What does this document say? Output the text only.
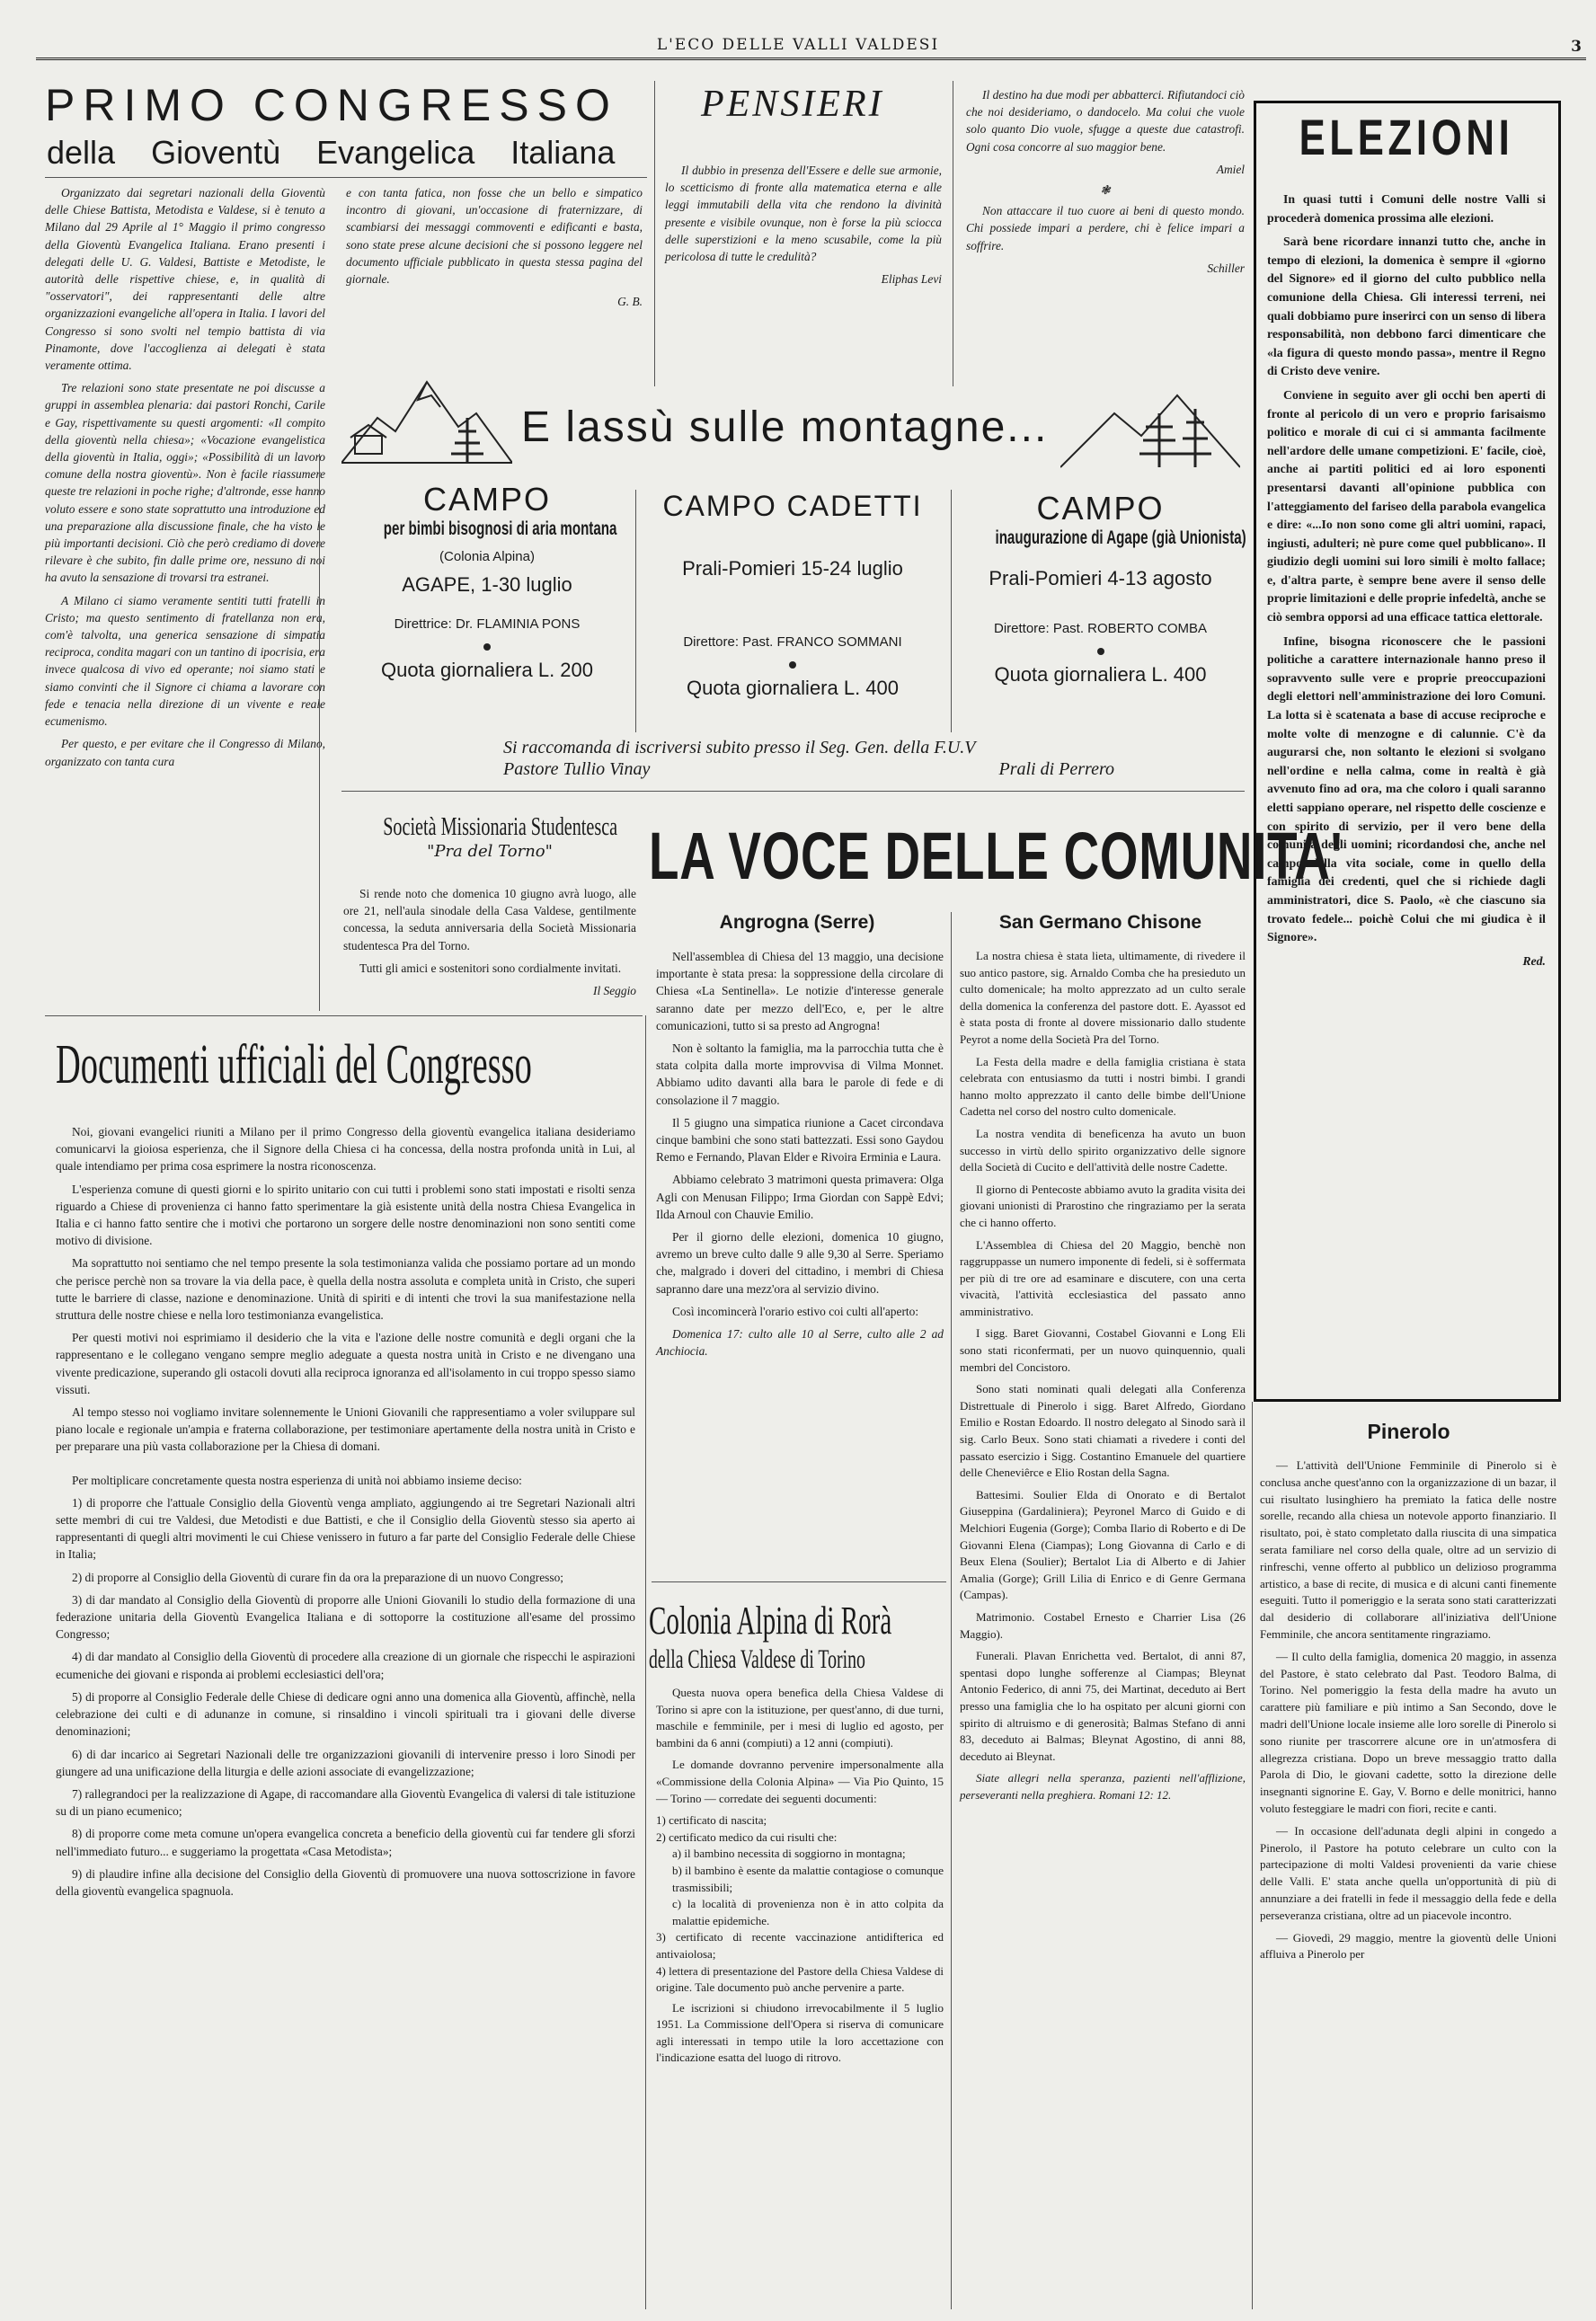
L'ECO DELLE VALLI VALDESI	3
PRIMO CONGRESSO
della Gioventù Evangelica Italiana

Organizzato dai segretari nazionali della Gioventù delle Chiese Battista, Metodista e Valdese, si è tenuto a Milano dal 29 Aprile al 1° Maggio il primo congresso della Gioventù Evangelica Italiana. Erano presenti i delegati delle U. G. Valdesi, Battiste e Metodiste, le autorità delle rispettive chiese, e, in qualità di "osservatori", dei rappresentanti delle altre organizzazioni evangeliche all'opera in Italia. I lavori del Congresso si sono svolti nel tempio battista di via Pinamonte, dove l'accoglienza ai delegati è stata veramente ottima.

Tre relazioni sono state presentate ne poi discusse a gruppi in assemblea plenaria: dai pastori Ronchi, Carile e Gay, rispettivamente su questi argomenti: «Il compito della gioventù nella chiesa»; «Vocazione evangelistica della gioventù in Italia, oggi»; «Possibilità di un lavoro comune della nostra gioventù». Non è facile riassumere queste tre relazioni in poche righe; d'altronde, esse hanno voluto essere e sono state soprattutto una introduzione ed una preparazione alla discussione finale, che ha visto le più importanti decisioni. Ciò che però crediamo di dovere rilevare è che subito, fin dalle prime ore, nessuno di noi ha avuto la sensazione di trovarsi tra estranei.

A Milano ci siamo veramente sentiti tutti fratelli in Cristo; ma questo sentimento di fratellanza non era, com'è talvolta, una generica sensazione di simpatia reciproca, condita magari con un tantino di ipocrisia, era invece qualcosa di vivo ed operante; noi siamo stati e siamo convinti che il Signore ci chiama a lavorare con fede e tenacia nella direzione di un vivente e reale ecumenismo.

Per questo, e per evitare che il Congresso di Milano, organizzato con tanta cura

e con tanta fatica, non fosse che un bello e simpatico incontro di giovani, un'occasione di fraternizzare, di scambiarsi dei messaggi commoventi e edificanti e basta, sono state prese alcune decisioni che si possono leggere nel documento ufficiale pubblicato in questa stessa pagina del giornale.

G. B.
PENSIERI

Il dubbio in presenza dell'Essere e delle sue armonie, lo scetticismo di fronte alla matematica eterna e alle leggi immutabili della vita che rendono la divinità presente e visibile ovunque, non è forse la più sciocca delle superstizioni e la meno scusabile, come la più pericolosa di tutte le credulità?

Eliphas Levi

Il destino ha due modi per abbatterci. Rifiutandoci ciò che noi desideriamo, o dandocelo. Ma colui che vuole solo quanto Dio vuole, sfugge a queste due catastrofi. Ogni cosa concorre al suo maggior bene.

Amiel
❃

Non attaccare il tuo cuore ai beni di questo mondo. Chi possiede impari a perdere, chi è felice impari a soffrire.

Schiller
ELEZIONI

In quasi tutti i Comuni delle nostre Valli si procederà domenica prossima alle elezioni.

Sarà bene ricordare innanzi tutto che, anche in tempo di elezioni, la domenica è sempre il «giorno del Signore» ed il giorno del culto pubblico nella comunione della Chiesa. Gli interessi terreni, nei quali dobbiamo pure inserirci con un senso di libera responsabilità, non debbono farci dimenticare che «la figura di questo mondo passa», mentre il Regno di Cristo deve venire.

Conviene in seguito aver gli occhi ben aperti di fronte al pericolo di un vero e proprio farisaismo politico e morale di cui ci si ammanta facilmente nell'ardore delle umane competizioni. E' facile, cioè, anche ai partiti politici ed ai loro esponenti presentarsi davanti all'opinione pubblica con l'atteggiamento del fariseo della parabola evangelica e dire: «...Io non sono come gli altri uomini, rapaci, ingiusti, adulteri; nè pure come quel pubblicano». Il giudizio degli uomini sui loro simili è molto fallace; e, d'altra parte, è sempre bene avere il senso delle proprie limitazioni e delle proprie infedeltà, anche se ciò sembra opporsi ad una efficace tattica elettorale.

Infine, bisogna riconoscere che le passioni politiche a carattere internazionale hanno preso il sopravvento sulle vere e proprie preoccupazioni degli elettori nell'amministrazione dei loro Comuni. La lotta si è scatenata a base di accuse reciproche e molte volte di menzogne e di calunnie. C'è da augurarsi che, non soltanto le elezioni si svolgano nell'ordine e nella calma, come in realtà è già avvenuto fino ad ora, ma che coloro i quali saranno eletti sappiano operare, nel rispetto delle coscienze e con spirito di servizio, per il vero bene della comunità degli uomini; ricordandosi che, anche nel campo della vita sociale, come in quello della famiglia dei credenti, quel che si richiede dagli amministratori, dice S. Paolo, «è che ciascuno sia trovato fedele... poichè Colui che mi giudica è il Signore».

Red.
E lassù sulle montagne...
CAMPO
per bimbi bisognosi di aria montana
(Colonia Alpina)
AGAPE, 1-30 luglio
Direttrice: Dr. FLAMINIA PONS
Quota giornaliera L. 200
CAMPO CADETTI
Prali-Pomieri 15-24 luglio
Direttore: Past. FRANCO SOMMANI
Quota giornaliera L. 400
CAMPO
inaugurazione di Agape (già Unionista)
Prali-Pomieri 4-13 agosto
Direttore: Past. ROBERTO COMBA
Quota giornaliera L. 400
Si raccomanda di iscriversi subito presso il Seg. Gen. della F.U.V
Pastore Tullio Vinay	Prali di Perrero
Società Missionaria Studentesca
"Pra del Torno"

Si rende noto che domenica 10 giugno avrà luogo, alle ore 21, nell'aula sinodale della Casa Valdese, gentilmente concessa, la seduta anniversaria della Società Missionaria studentesca Pra del Torno.

Tutti gli amici e sostenitori sono cordialmente invitati.

Il Seggio
Documenti ufficiali del Congresso

Noi, giovani evangelici riuniti a Milano per il primo Congresso della gioventù evangelica italiana desideriamo comunicarvi la gioiosa esperienza, che il Signore della Chiesa ci ha concessa, della nostra profonda unità in Lui, al quale intendiamo per prima cosa esprimere la nostra riconoscenza.

L'esperienza comune di questi giorni e lo spirito unitario con cui tutti i problemi sono stati impostati e risolti senza riguardo a Chiese di provenienza ci hanno fatto sperimentare la già esistente unità della nostra Chiesa Evangelica in Italia e ci hanno fatto sentire che i motivi che portarono un sorgere delle nostre denominazioni non sono sentiti come motivo di divisione.

Ma soprattutto noi sentiamo che nel tempo presente la sola testimonianza valida che possiamo portare ad un mondo che perisce perchè non sa trovare la via della pace, è quella della nostra assoluta e completa unità in Cristo, che superi tutte le barriere di classe, nazione e denominazione. Unità di spiriti e di intenti che trovi la sua manifestazione nella struttura delle nostre chiese e nella loro testimonianza evangelistica.

Per questi motivi noi esprimiamo il desiderio che la vita e l'azione delle nostre comunità e degli organi che la rappresentano e le collegano vengano sempre meglio adeguate a questa nostra unità in Cristo e ne divengano una vivente predicazione, superando gli ostacoli dovuti alla reciproca ignoranza ed all'isolamento in cui troppo spesso siamo vissuti.

Al tempo stesso noi vogliamo invitare solennemente le Unioni Giovanili che rappresentiamo a voler sviluppare sul piano locale e regionale un'ampia e fraterna collaborazione, per testimoniare apertamente della nostra unità in Cristo e per preparare una più vasta collaborazione per la Chiesa di domani.

Per moltiplicare concretamente questa nostra esperienza di unità noi abbiamo insieme deciso:

1) di proporre che l'attuale Consiglio della Gioventù venga ampliato, aggiungendo ai tre Segretari Nazionali altri sette membri di cui tre Valdesi, due Metodisti e due Battisti, e che il Consiglio della Gioventù stesso sia aperto ai rappresentanti di quegli altri movimenti le cui Chiese venissero in futuro a far parte del Consiglio Federale delle Chiese in Italia;

2) di proporre al Consiglio della Gioventù di curare fin da ora la preparazione di un nuovo Congresso;

3) di dar mandato al Consiglio della Gioventù di proporre alle Unioni Giovanili lo studio della formazione di una federazione unitaria della Gioventù Evangelica Italiana e di sottoporre la costituzione all'esame del prossimo Congresso;

4) di dar mandato al Consiglio della Gioventù di procedere alla creazione di un giornale che rispecchi le aspirazioni ecumeniche dei giovani e risponda ai problemi ecclesiastici dell'ora;

5) di proporre al Consiglio Federale delle Chiese di dedicare ogni anno una domenica alla Gioventù, affinchè, nella celebrazione dei culti e di adunanze in comune, si rinsaldino i vincoli spirituali tra i giovani delle diverse denominazioni;

6) di dar incarico ai Segretari Nazionali delle tre organizzazioni giovanili di intervenire presso i loro Sinodi per giungere ad una unificazione della liturgia e delle azioni associate di evangelizzazione;

7) rallegrandoci per la realizzazione di Agape, di raccomandare alla Gioventù Evangelica di valersi di tale istituzione su di un piano ecumenico;

8) di proporre come meta comune un'opera evangelica concreta a beneficio della gioventù cui far tendere gli sforzi nell'immediato futuro... e suggeriamo la progettata «Casa Metodista»;

9) di plaudire infine alla decisione del Consiglio della Gioventù di promuovere una nuova sottoscrizione in favore della gioventù evangelica spagnuola.

LA VOCE DELLE COMUNITA'
Angrogna (Serre)	San Germano Chisone

Nell'assemblea di Chiesa del 13 maggio, una decisione importante è stata presa: la soppressione della circolare di Chiesa «La Sentinella». Le notizie d'interesse generale saranno date per mezzo dell'Eco, e, per le altre comunicazioni, tutto si sa presto ad Angrogna!

Non è soltanto la famiglia, ma la parrocchia tutta che è stata colpita dalla morte improvvisa di Vilma Monnet. Abbiamo udito davanti alla bara le parole di fede e di consolazione il 7 maggio.

Il 5 giugno una simpatica riunione a Cacet circondava cinque bambini che sono stati battezzati. Essi sono Gaydou Remo e Fernando, Plavan Elder e Rivoira Erminia e Laura.

Abbiamo celebrato 3 matrimoni questa primavera: Olga Agli con Menusan Filippo; Irma Giordan con Sappè Edvi; Ilda Arnoul con Chauvie Emilio.

Per il giorno delle elezioni, domenica 10 giugno, avremo un breve culto dalle 9 alle 9,30 al Serre. Speriamo che, malgrado i doveri del cittadino, i membri di Chiesa sapranno dare una mezz'ora al servizio divino.

Così incomincerà l'orario estivo coi culti all'aperto:

Domenica 17: culto alle 10 al Serre, culto alle 2 ad Anchiocia.

La nostra chiesa è stata lieta, ultimamente, di rivedere il suo antico pastore, sig. Arnaldo Comba che ha presieduto un culto domenicale; ha molto apprezzato ad un culto serale della domenica la conferenza del pastore dott. E. Ayassot ed è stata posta di fronte al dovere missionario dallo studente Peyrot a nome della Società Pra del Torno.

La Festa della madre e della famiglia cristiana è stata celebrata con entusiasmo da tutti i nostri bimbi. I grandi hanno molto apprezzato il canto delle bimbe dell'Unione Cadetta nel corso del nostro culto domenicale.

La nostra vendita di beneficenza ha avuto un buon successo in virtù dello spirito organizzativo delle signore della Società di Cucito e dell'attività delle nostre Cadette.

Il giorno di Pentecoste abbiamo avuto la gradita visita dei giovani unionisti di Prarostino che ringraziamo per la serata che ci hanno offerto.

L'Assemblea di Chiesa del 20 Maggio, benchè non raggruppasse un numero imponente di fedeli, si è soffermata per più di tre ore ad esaminare e discutere, con una certa vivacità, l'attività ecclesiastica del passato anno amministrativo.

I sigg. Baret Giovanni, Costabel Giovanni e Long Eli sono stati riconfermati, per un nuovo quinquennio, quali membri del Concistoro.

Sono stati nominati quali delegati alla Conferenza Distrettuale di Pinerolo i sigg. Baret Alfredo, Giordano Emilio e Rostan Edoardo. Il nostro delegato al Sinodo sarà il sig. Carlo Beux. Sono stati chiamati a rivedere i conti del passato esercizio i Sigg. Costantino Emanuele del quartiere delle Cheneviêrce e Elio Rostan della Sagna.

Battesimi. Soulier Elda di Onorato e di Bertalot Giuseppina (Gardaliniera); Peyronel Marco di Guido e di Melchiori Eugenia (Gorge); Comba Ilario di Roberto e di De Giovanni Elena (Ciampas); Long Giovanna di Carlo e di Beux Elena (Soulier); Bertalot Lia di Alberto e di Jahier Amalia (Gorge); Grill Lilia di Enrico e di Genre Germana (Campas).

Matrimonio. Costabel Ernesto e Charrier Lisa (26 Maggio).

Funerali. Plavan Enrichetta ved. Bertalot, di anni 87, spentasi dopo lunghe sofferenze al Ciampas; Bleynat Antonio Federico, di anni 75, dei Martinat, deceduto ai Bert presso una famiglia che lo ha ospitato per alcuni giorni con spirito di altruismo e di generosità; Balmas Stefano di anni 83, deceduto ai Balmas; Bleynat Agostino, di anni 88, deceduto ai Bleynat.

Siate allegri nella speranza, pazienti nell'afflizione, perseveranti nella preghiera. Romani 12: 12.

Colonia Alpina di Rorà
della Chiesa Valdese di Torino

Questa nuova opera benefica della Chiesa Valdese di Torino si apre con la istituzione, per quest'anno, di due turni, maschile e femminile, per i mesi di luglio ed agosto, per bambini da 6 anni (compiuti) a 12 anni (compiuti).

Le domande dovranno pervenire impersonalmente alla «Commissione della Colonia Alpina» — Via Pio Quinto, 15 — Torino — corredate dei seguenti documenti:

1) certificato di nascita;
2) certificato medico da cui risulti che:
a) il bambino necessita di soggiorno in montagna;
b) il bambino è esente da malattie contagiose o comunque trasmissibili;
c) la località di provenienza non è in atto colpita da malattie epidemiche.
3) certificato di recente vaccinazione antidifterica ed antivaiolosa;
4) lettera di presentazione del Pastore della Chiesa Valdese di origine. Tale documento può anche pervenire a parte.

Le iscrizioni si chiudono irrevocabilmente il 5 luglio 1951. La Commissione dell'Opera si riserva di comunicare agli interessati in tempo utile la loro accettazione con l'indicazione esatta del luogo di ritrovo.

Pinerolo

— L'attività dell'Unione Femminile di Pinerolo si è conclusa anche quest'anno con la organizzazione di un bazar, il cui risultato lusinghiero ha premiato la fatica delle nostre sorelle, recando alla chiesa un notevole apporto finanziario. Il risultato, poi, è stato completato dalla riuscita di una simpatica serata familiare nel corso della quale, oltre ad un servizio di rinfreschi, venne offerto al pubblico un delizioso programma artistico, a base di recite, di musica e di alcuni canti finemente eseguiti. Tutto il pomeriggio e la serata sono stati caratterizzati dal desiderio di collaborare all'iniziativa dell'Unione Femminile, che ancora sentitamente ringraziamo.

— Il culto della famiglia, domenica 20 maggio, in assenza del Pastore, è stato celebrato dal Past. Teodoro Balma, di Torino. Nel pomeriggio la festa della madre ha avuto un carattere più familiare e più intimo a San Secondo, dove le madri dell'Unione locale insieme alle loro sorelle di Pinerolo si sono riunite per trascorrere alcune ore in un'atmosfera di allegrezza cristiana. Dopo un breve messaggio tratto dalla Parola di Dio, le giovani cadette, sotto la direzione delle insegnanti signorine E. Gay, V. Borno e delle monitrici, hanno voluto festeggiare le madri con fiori, recite e canti.

— In occasione dell'adunata degli alpini in congedo a Pinerolo, il Pastore ha potuto celebrare un culto con la partecipazione di molti Valdesi provenienti da varie chiese delle Valli. E' stata anche quella un'opportunità di più di annunziare a dei fratelli in fede il messaggio della fede e della perseveranza cristiana, oltre ad un piacevole incontro.

— Giovedì, 29 maggio, mentre la gioventù delle Unioni affluiva a Pinerolo per
